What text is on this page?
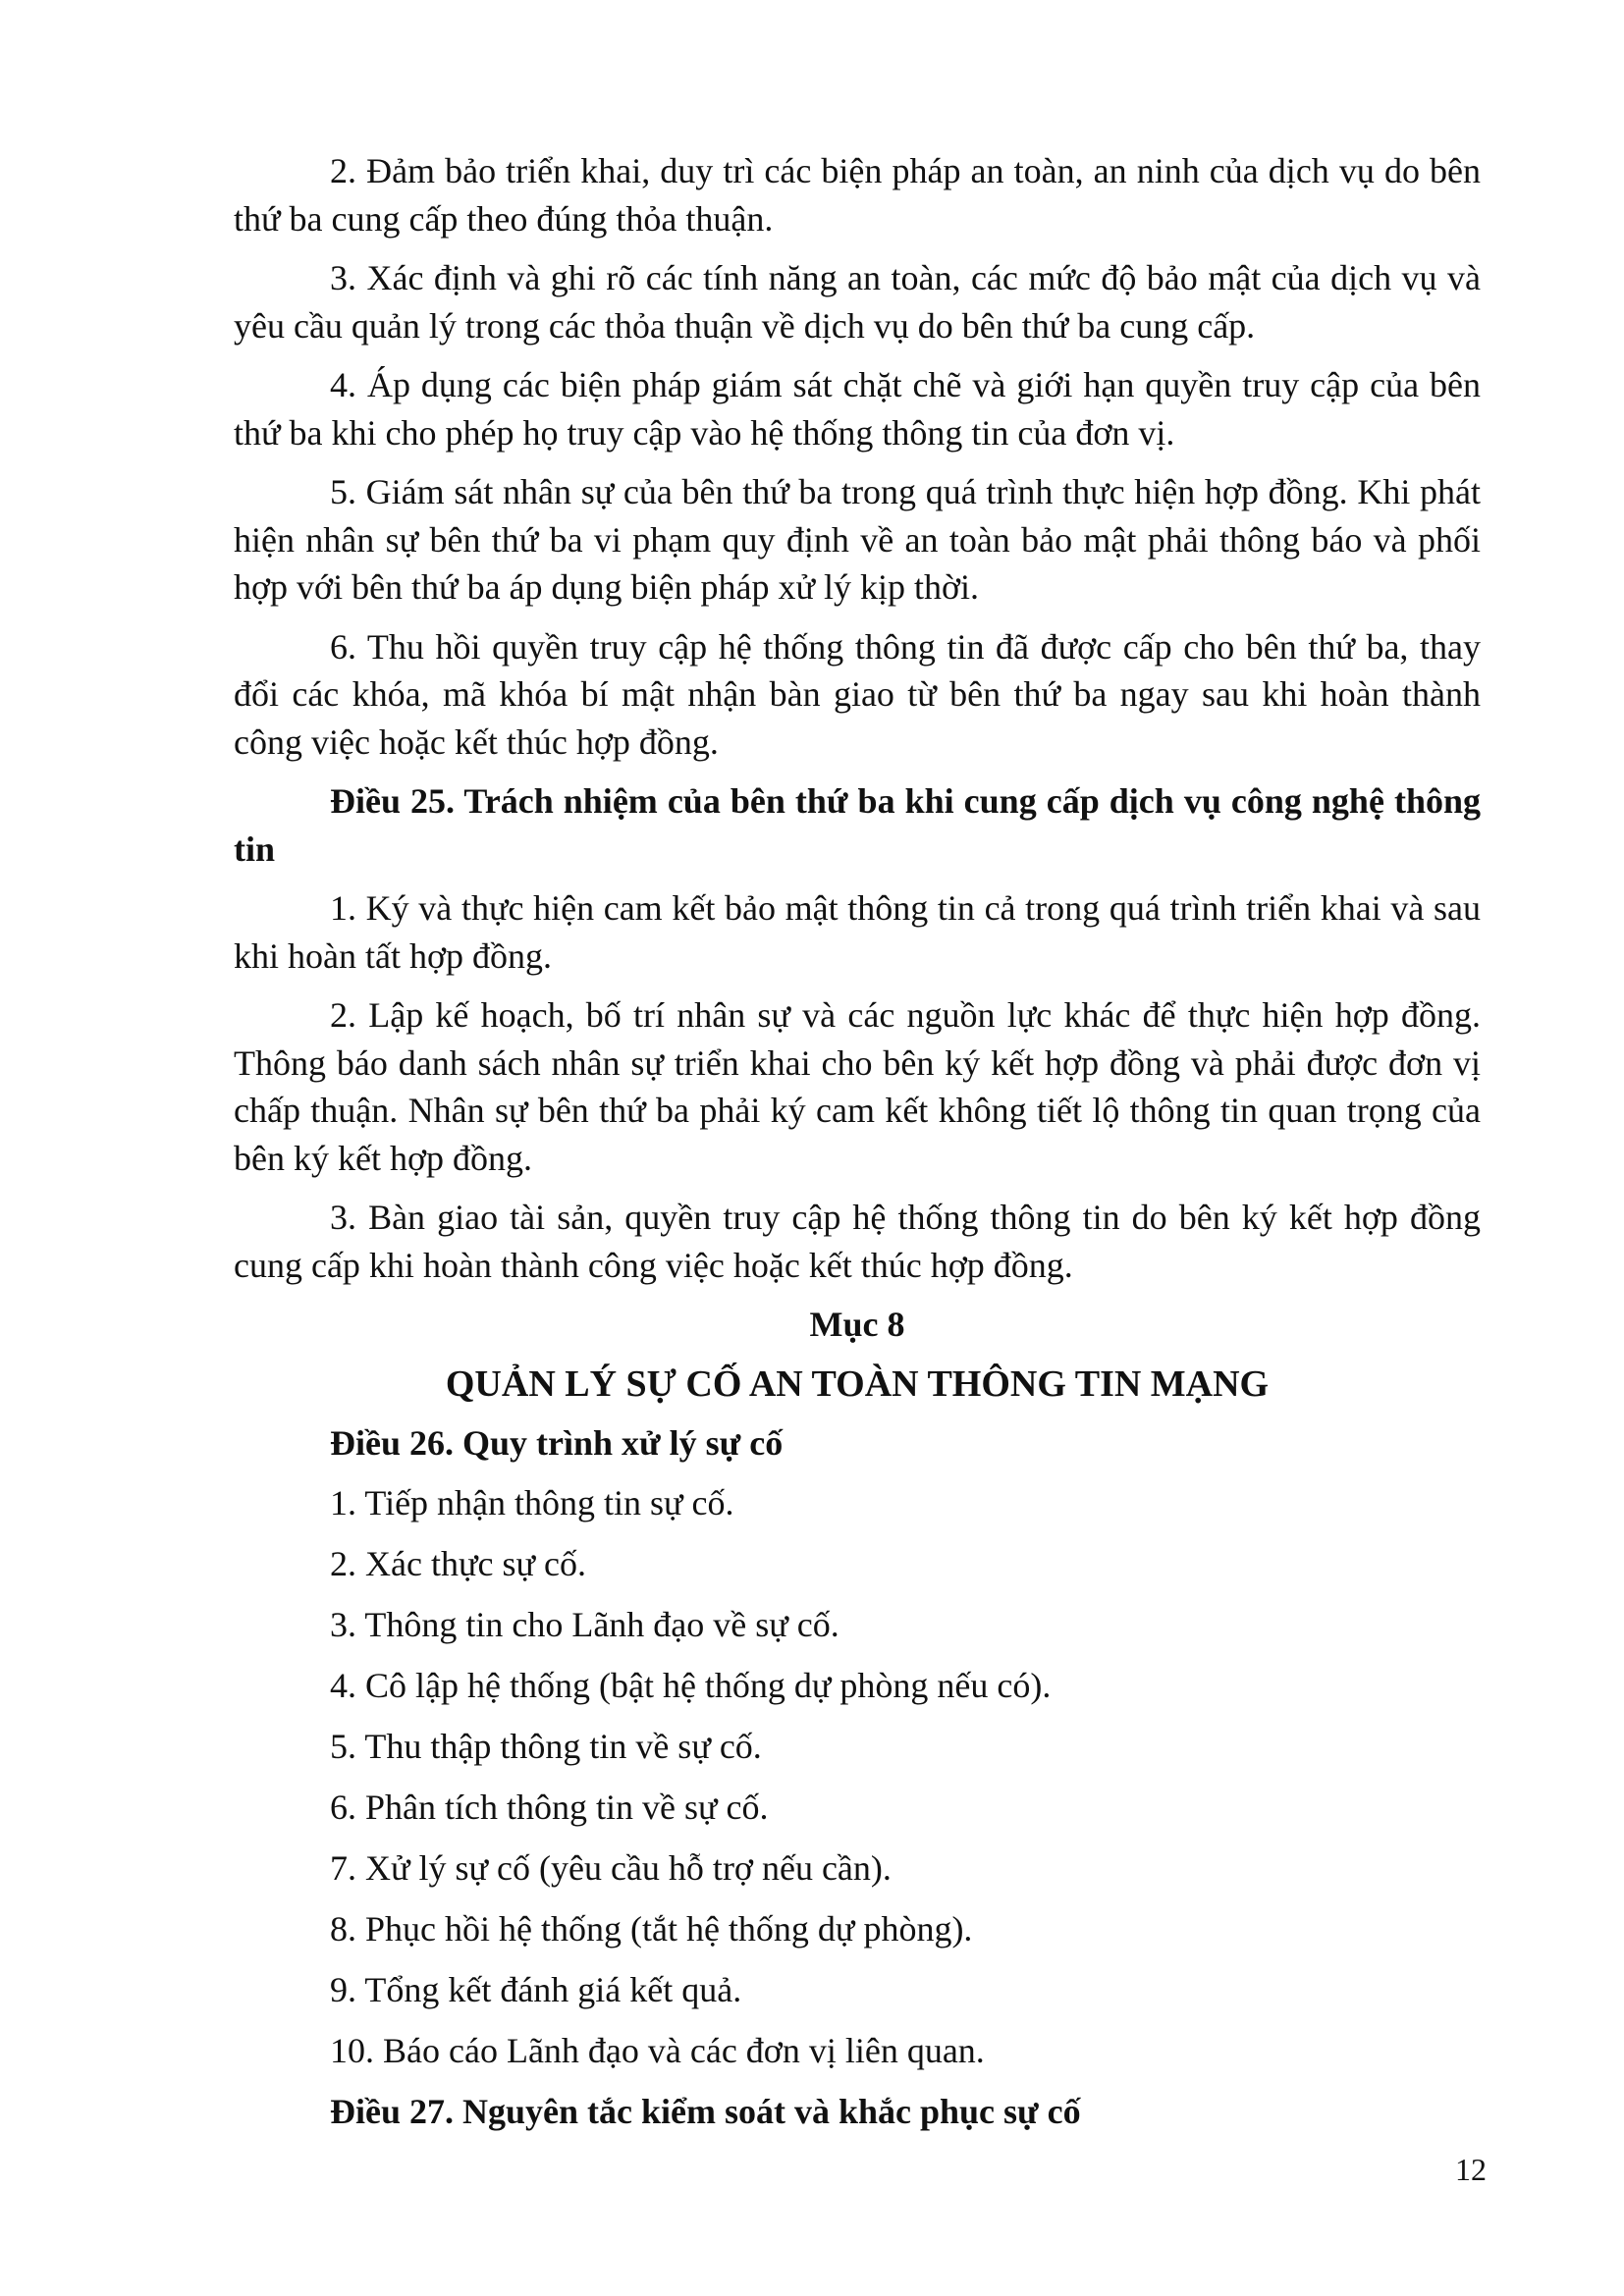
2. Đảm bảo triển khai, duy trì các biện pháp an toàn, an ninh của dịch vụ do bên thứ ba cung cấp theo đúng thỏa thuận.

3. Xác định và ghi rõ các tính năng an toàn, các mức độ bảo mật của dịch vụ và yêu cầu quản lý trong các thỏa thuận về dịch vụ do bên thứ ba cung cấp.

4. Áp dụng các biện pháp giám sát chặt chẽ và giới hạn quyền truy cập của bên thứ ba khi cho phép họ truy cập vào hệ thống thông tin của đơn vị.

5. Giám sát nhân sự của bên thứ ba trong quá trình thực hiện hợp đồng. Khi phát hiện nhân sự bên thứ ba vi phạm quy định về an toàn bảo mật phải thông báo và phối hợp với bên thứ ba áp dụng biện pháp xử lý kịp thời.

6. Thu hồi quyền truy cập hệ thống thông tin đã được cấp cho bên thứ ba, thay đổi các khóa, mã khóa bí mật nhận bàn giao từ bên thứ ba ngay sau khi hoàn thành công việc hoặc kết thúc hợp đồng.

Điều 25. Trách nhiệm của bên thứ ba khi cung cấp dịch vụ công nghệ thông tin

1. Ký và thực hiện cam kết bảo mật thông tin cả trong quá trình triển khai và sau khi hoàn tất hợp đồng.

2. Lập kế hoạch, bố trí nhân sự và các nguồn lực khác để thực hiện hợp đồng. Thông báo danh sách nhân sự triển khai cho bên ký kết hợp đồng và phải được đơn vị chấp thuận. Nhân sự bên thứ ba phải ký cam kết không tiết lộ thông tin quan trọng của bên ký kết hợp đồng.

3. Bàn giao tài sản, quyền truy cập hệ thống thông tin do bên ký kết hợp đồng cung cấp khi hoàn thành công việc hoặc kết thúc hợp đồng.

Mục 8
QUẢN LÝ SỰ CỐ AN TOÀN THÔNG TIN MẠNG

Điều 26. Quy trình xử lý sự cố

1. Tiếp nhận thông tin sự cố.

2. Xác thực sự cố.

3. Thông tin cho Lãnh đạo về sự cố.

4. Cô lập hệ thống (bật hệ thống dự phòng nếu có).

5. Thu thập thông tin về sự cố.

6. Phân tích thông tin về sự cố.

7. Xử lý sự cố (yêu cầu hỗ trợ nếu cần).

8. Phục hồi hệ thống (tắt hệ thống dự phòng).

9. Tổng kết đánh giá kết quả.

10. Báo cáo Lãnh đạo và các đơn vị liên quan.

Điều 27. Nguyên tắc kiểm soát và khắc phục sự cố

12
